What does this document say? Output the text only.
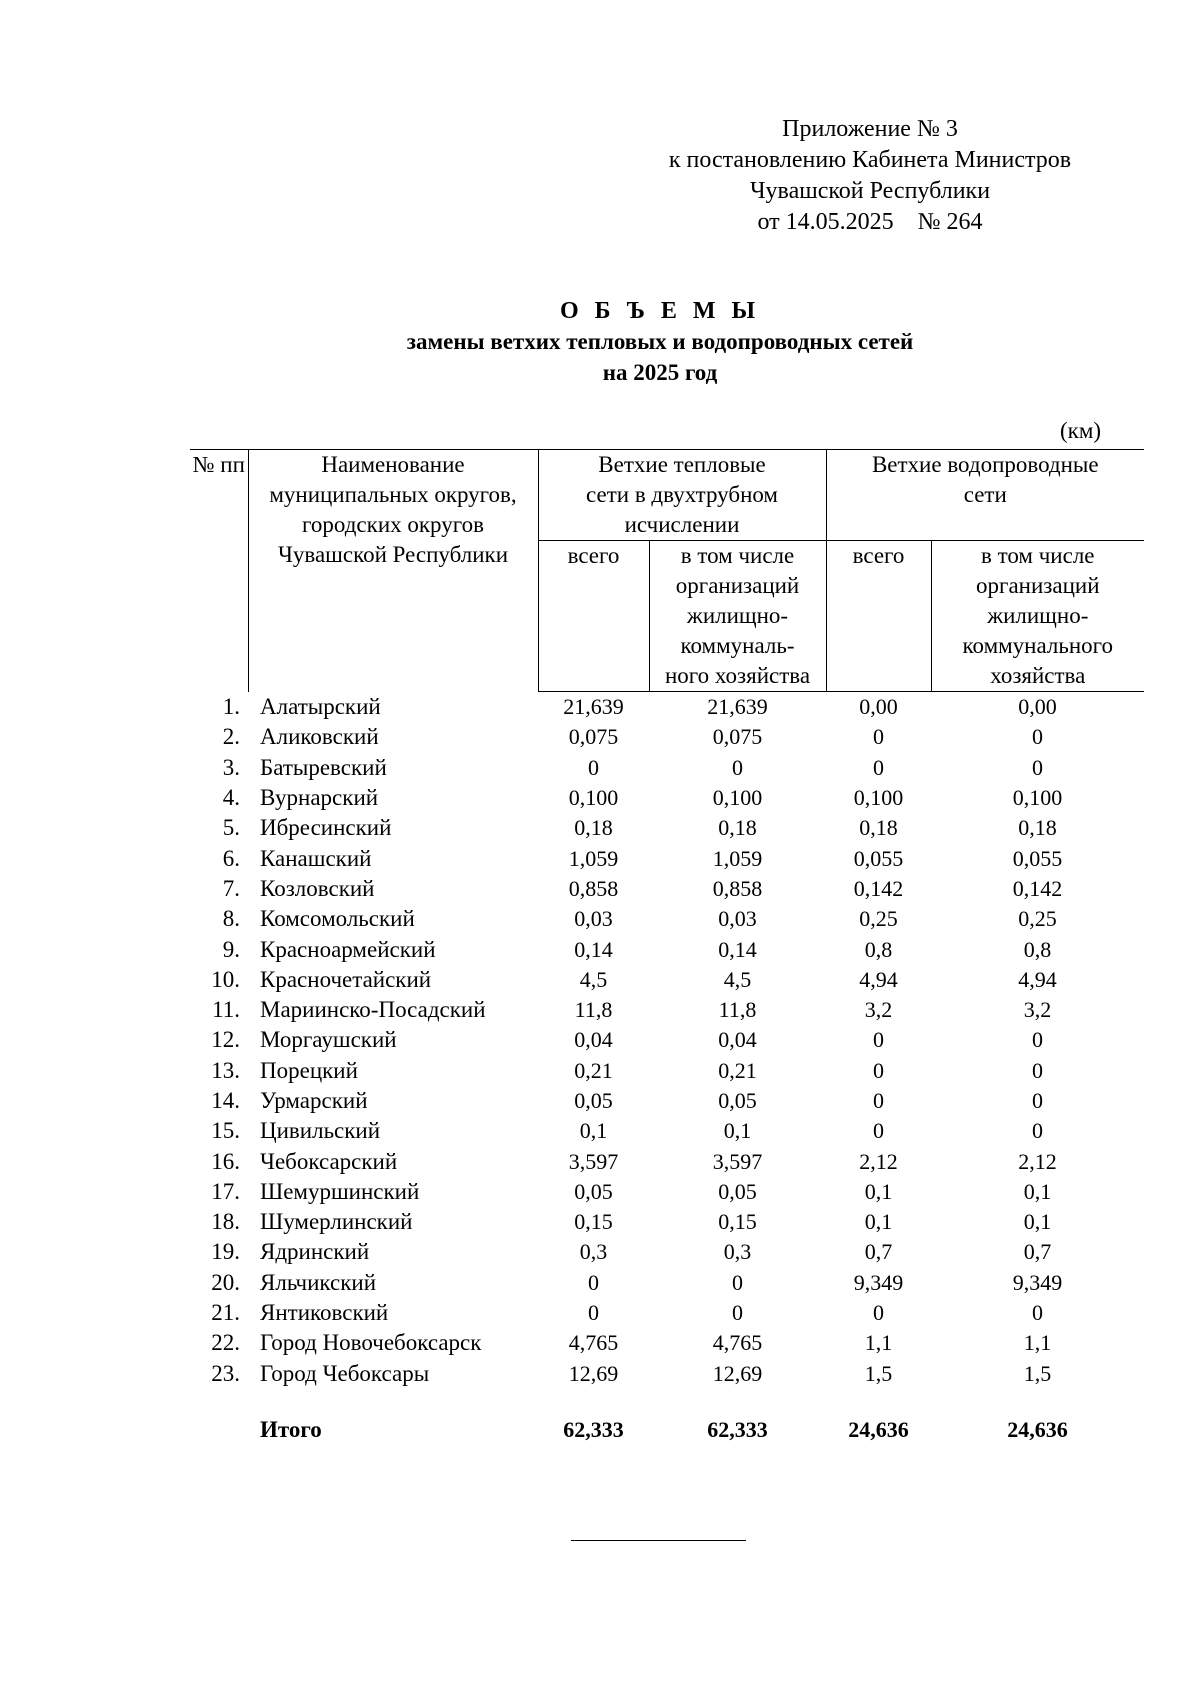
Приложение № 3
к постановлению Кабинета Министров
Чувашской Республики
от 14.05.2025    № 264
О Б Ъ Е М Ы
замены ветхих тепловых и водопроводных сетей
на 2025 год
(км)
№ пп	Наименование муниципальных округов, городских округов Чувашской Республики	Ветхие тепловые сети в двухтрубном исчислении		Ветхие водопроводные сети	
		всего	в том числе организаций жилищно-коммуналь-ного хозяйства	всего	в том числе организаций жилищно-коммунального хозяйства
1.	Алатырский	21,639	21,639	0,00	0,00
2.	Аликовский	0,075	0,075	0	0
3.	Батыревский	0	0	0	0
4.	Вурнарский	0,100	0,100	0,100	0,100
5.	Ибресинский	0,18	0,18	0,18	0,18
6.	Канашский	1,059	1,059	0,055	0,055
7.	Козловский	0,858	0,858	0,142	0,142
8.	Комсомольский	0,03	0,03	0,25	0,25
9.	Красноармейский	0,14	0,14	0,8	0,8
10.	Красночетайский	4,5	4,5	4,94	4,94
11.	Мариинско-Посадский	11,8	11,8	3,2	3,2
12.	Моргаушский	0,04	0,04	0	0
13.	Порецкий	0,21	0,21	0	0
14.	Урмарский	0,05	0,05	0	0
15.	Цивильский	0,1	0,1	0	0
16.	Чебоксарский	3,597	3,597	2,12	2,12
17.	Шемуршинский	0,05	0,05	0,1	0,1
18.	Шумерлинский	0,15	0,15	0,1	0,1
19.	Ядринский	0,3	0,3	0,7	0,7
20.	Яльчикский	0	0	9,349	9,349
21.	Янтиковский	0	0	0	0
22.	Город Новочебоксарск	4,765	4,765	1,1	1,1
23.	Город Чебоксары	12,69	12,69	1,5	1,5

	Итого	62,333	62,333	24,636	24,636
